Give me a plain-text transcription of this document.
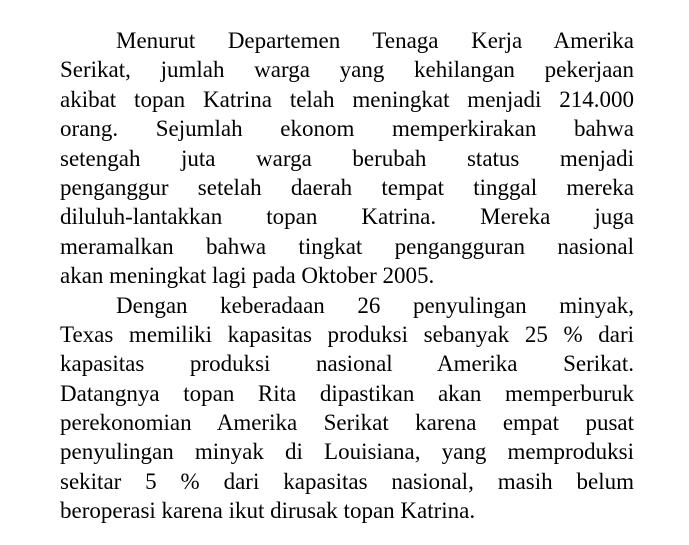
Menurut Departemen Tenaga Kerja Amerika
Serikat, jumlah warga yang kehilangan pekerjaan
akibat topan Katrina telah meningkat menjadi 214.000
orang. Sejumlah ekonom memperkirakan bahwa
setengah juta warga berubah status menjadi
penganggur setelah daerah tempat tinggal mereka
diluluh-lantakkan topan Katrina. Mereka juga
meramalkan bahwa tingkat pengangguran nasional
akan meningkat lagi pada Oktober 2005.
Dengan keberadaan 26 penyulingan minyak,
Texas memiliki kapasitas produksi sebanyak 25 % dari
kapasitas produksi nasional Amerika Serikat.
Datangnya topan Rita dipastikan akan memperburuk
perekonomian Amerika Serikat karena empat pusat
penyulingan minyak di Louisiana, yang memproduksi
sekitar 5 % dari kapasitas nasional, masih belum
beroperasi karena ikut dirusak topan Katrina.
